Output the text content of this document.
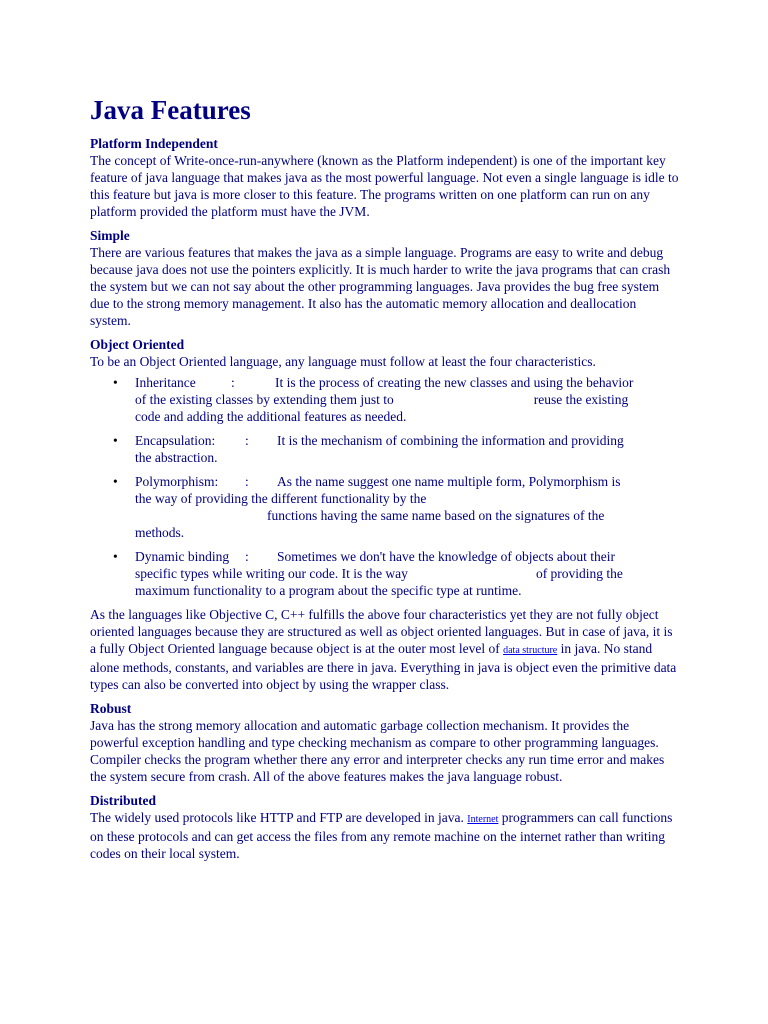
Java Features
Platform Independent

The concept of Write-once-run-anywhere (known as the Platform independent) is one of the important key feature of java language that makes java as the most powerful language. Not even a single language is idle to this feature but java is more closer to this feature. The programs written on one platform can run on any platform provided the platform must have the JVM.

Simple

There are various features that makes the java as a simple language. Programs are easy to write and debug because java does not use the pointers explicitly. It is much harder to write the java programs that can crash the system but we can not say about the other programming languages. Java provides the bug free system due to the strong memory management. It also has the automatic memory allocation and deallocation system.

Object Oriented

To be an Object Oriented language, any language must follow at least the four characteristics.

• Inheritance	:	It is the process of creating the new classes and using the behavior
of the existing classes by extending them just to	reuse the existing
code and adding the additional features as needed.
• Encapsulation: : It is the mechanism of combining the information and providing
the abstraction.
• Polymorphism: : As the name suggest one name multiple form, Polymorphism is
the way of providing the different functionality by the
functions having the same name based on the signatures of the
methods.
• Dynamic binding : Sometimes we don't have the knowledge of objects about their
specific types while writing our code. It is the way	of providing the
maximum functionality to a program about the specific type at runtime.

As the languages like Objective C, C++ fulfills the above four characteristics yet they are not fully object oriented languages because they are structured as well as object oriented languages. But in case of java, it is a fully Object Oriented language because object is at the outer most level of data structure in java. No stand alone methods, constants, and variables are there in java. Everything in java is object even the primitive data types can also be converted into object by using the wrapper class.

Robust

Java has the strong memory allocation and automatic garbage collection mechanism. It provides the powerful exception handling and type checking mechanism as compare to other programming languages. Compiler checks the program whether there any error and interpreter checks any run time error and makes the system secure from crash. All of the above features makes the java language robust.

Distributed

The widely used protocols like HTTP and FTP are developed in java. Internet programmers can call functions on these protocols and can get access the files from any remote machine on the internet rather than writing codes on their local system.
